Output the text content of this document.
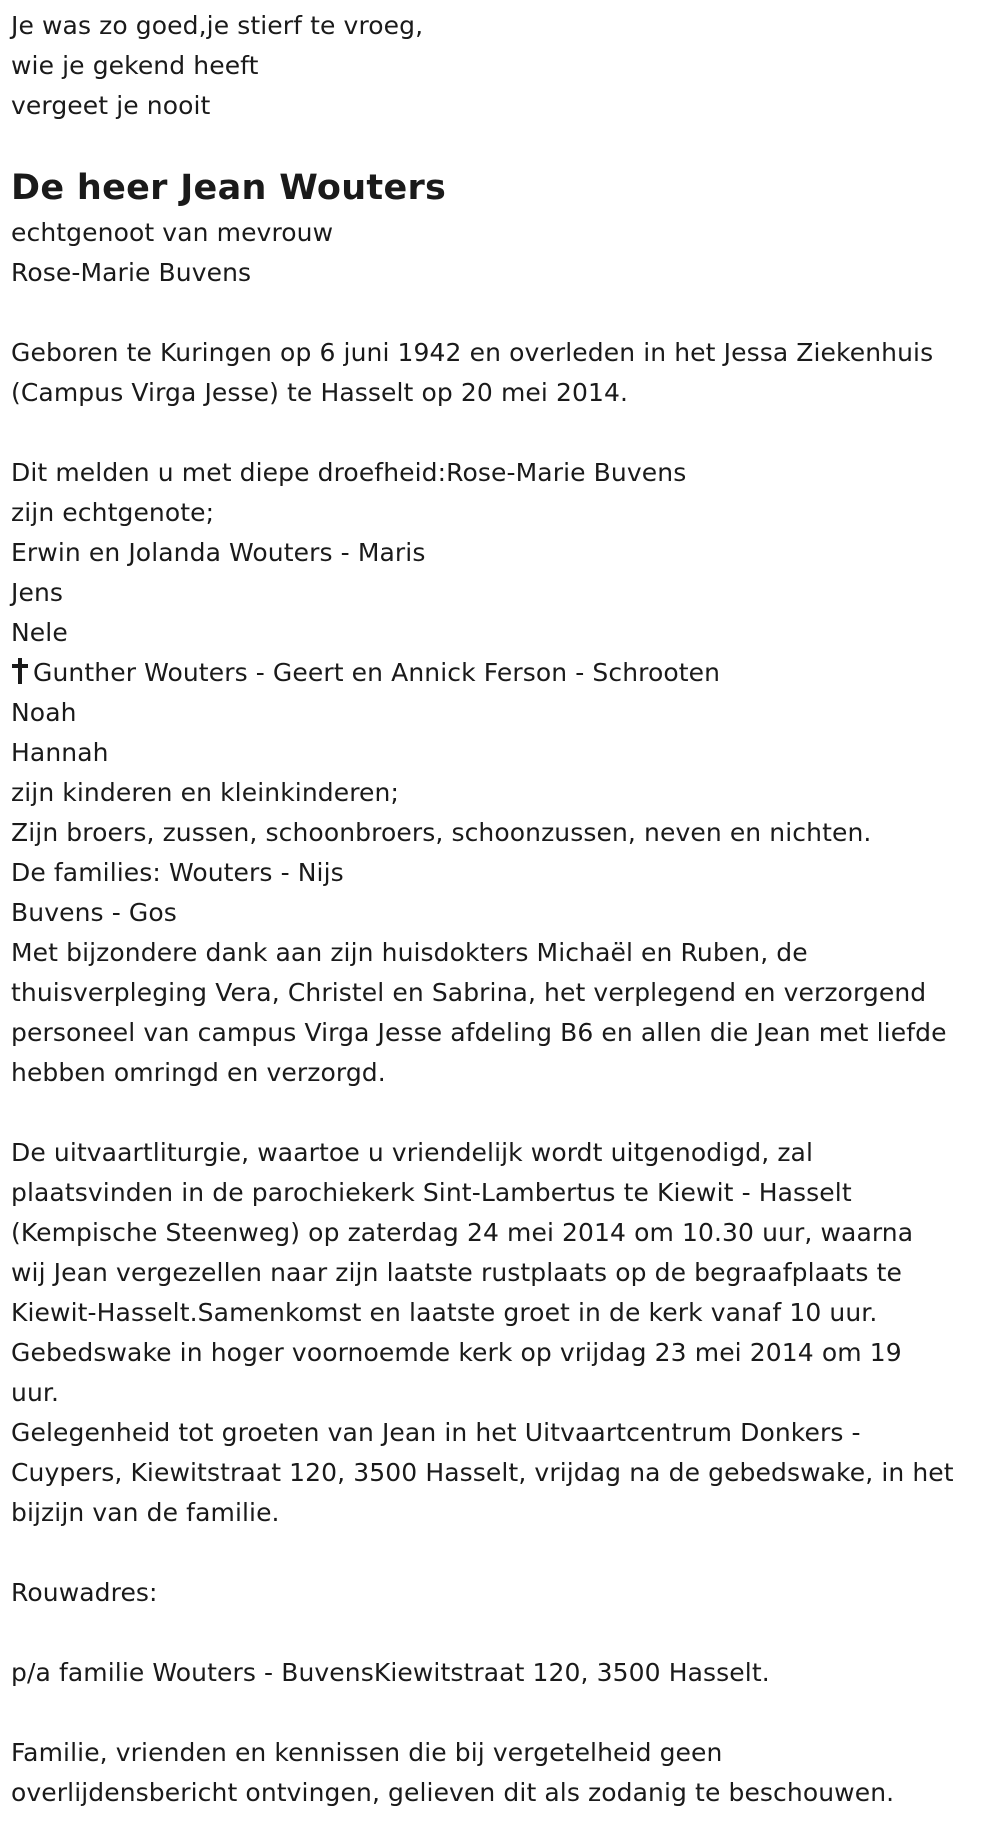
Je was zo goed,je stierf te vroeg,
wie je gekend heeft
vergeet je nooit
De heer Jean Wouters
echtgenoot van mevrouw
Rose-Marie Buvens
Geboren te Kuringen op 6 juni 1942 en overleden in het Jessa Ziekenhuis
(Campus Virga Jesse) te Hasselt op 20 mei 2014.
Dit melden u met diepe droefheid:Rose-Marie Buvens
zijn echtgenote;
Erwin en Jolanda Wouters - Maris
Jens
Nele
Gunther Wouters - Geert en Annick Ferson - Schrooten
Noah
Hannah
zijn kinderen en kleinkinderen;
Zijn broers, zussen, schoonbroers, schoonzussen, neven en nichten.
De families: Wouters - Nijs
Buvens - Gos
Met bijzondere dank aan zijn huisdokters Michaël en Ruben, de
thuisverpleging Vera, Christel en Sabrina, het verplegend en verzorgend
personeel van campus Virga Jesse afdeling B6 en allen die Jean met liefde
hebben omringd en verzorgd.
De uitvaartliturgie, waartoe u vriendelijk wordt uitgenodigd, zal
plaatsvinden in de parochiekerk Sint-Lambertus te Kiewit - Hasselt
(Kempische Steenweg) op zaterdag 24 mei 2014 om 10.30 uur, waarna
wij Jean vergezellen naar zijn laatste rustplaats op de begraafplaats te
Kiewit-Hasselt.Samenkomst en laatste groet in de kerk vanaf 10 uur.
Gebedswake in hoger voornoemde kerk op vrijdag 23 mei 2014 om 19
uur.
Gelegenheid tot groeten van Jean in het Uitvaartcentrum Donkers -
Cuypers, Kiewitstraat 120, 3500 Hasselt, vrijdag na de gebedswake, in het
bijzijn van de familie.
Rouwadres:
p/a familie Wouters - BuvensKiewitstraat 120, 3500 Hasselt.
Familie, vrienden en kennissen die bij vergetelheid geen
overlijdensbericht ontvingen, gelieven dit als zodanig te beschouwen.
